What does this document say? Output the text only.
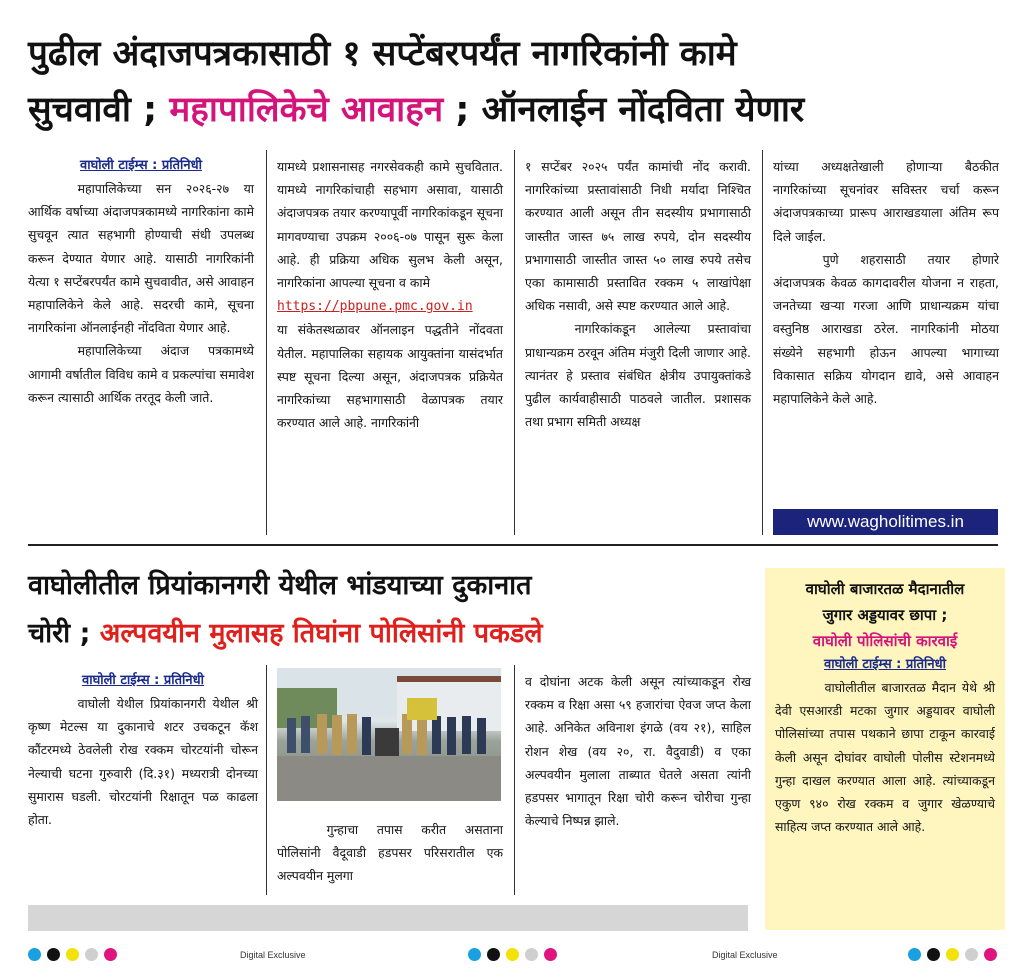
पुढील अंदाजपत्रकासाठी १ सप्टेंबरपर्यंत नागरिकांनी कामे
सुचवावी ; महापालिकेचे आवाहन ; ऑनलाईन नोंदविता येणार
वाघोली टाईम्स : प्रतिनिधी

महापालिकेच्या सन २०२६-२७ या आर्थिक वर्षाच्या अंदाजपत्रकामध्ये नागरिकांना कामे सुचवून त्यात सहभागी होण्याची संधी उपलब्ध करून देण्यात येणार आहे. यासाठी नागरिकांनी येत्या १ सप्टेंबरपर्यंत कामे सुचवावीत, असे आवाहन महापालिकेने केले आहे. सदरची कामे, सूचना नागरिकांना ऑनलाईनही नोंदविता येणार आहे.

महापालिकेच्या अंदाज पत्रकामध्ये आगामी वर्षातील विविध कामे व प्रकल्पांचा समावेश करून त्यासाठी आर्थिक तरतूद केली जाते.

यामध्ये प्रशासनासह नगरसेवकही कामे सुचवितात. यामध्ये नागरिकांचाही सहभाग असावा, यासाठी अंदाजपत्रक तयार करण्यापूर्वी नागरिकांकडून सूचना मागवण्याचा उपक्रम २००६-०७ पासून सुरू केला आहे. ही प्रक्रिया अधिक सुलभ केली असून, नागरिकांना आपल्या सूचना व कामे

https://pbpune.pmc.gov.in

या संकेतस्थळावर ऑनलाइन पद्धतीने नोंदवता येतील. महापालिका सहायक आयुक्तांना यासंदर्भात स्पष्ट सूचना दिल्या असून, अंदाजपत्रक प्रक्रियेत नागरिकांच्या सहभागासाठी वेळापत्रक तयार करण्यात आले आहे. नागरिकांनी

१ सप्टेंबर २०२५ पर्यंत कामांची नोंद करावी. नागरिकांच्या प्रस्तावांसाठी निधी मर्यादा निश्चित करण्यात आली असून तीन सदस्यीय प्रभागासाठी जास्तीत जास्त ७५ लाख रुपये, दोन सदस्यीय प्रभागासाठी जास्तीत जास्त ५० लाख रुपये तसेच एका कामासाठी प्रस्तावित रक्कम ५ लाखांपेक्षा अधिक नसावी, असे स्पष्ट करण्यात आले आहे.

नागरिकांकडून आलेल्या प्रस्तावांचा प्राधान्यक्रम ठरवून अंतिम मंजुरी दिली जाणार आहे. त्यानंतर हे प्रस्ताव संबंधित क्षेत्रीय उपायुक्तांकडे पुढील कार्यवाहीसाठी पाठवले जातील. प्रशासक तथा प्रभाग समिती अध्यक्ष

यांच्या अध्यक्षतेखाली होणाऱ्या बैठकीत नागरिकांच्या सूचनांवर सविस्तर चर्चा करून अंदाजपत्रकाच्या प्रारूप आराखडयाला अंतिम रूप दिले जाईल.

पुणे शहरासाठी तयार होणारे अंदाजपत्रक केवळ कागदावरील योजना न राहता, जनतेच्या खऱ्या गरजा आणि प्राधान्यक्रम यांचा वस्तुनिष्ठ आराखडा ठरेल. नागरिकांनी मोठया संख्येने सहभागी होऊन आपल्या भागाच्या विकासात सक्रिय योगदान द्यावे, असे आवाहन महापालिकेने केले आहे.

www.wagholitimes.in
वाघोलीतील प्रियांकानगरी येथील भांडयाच्या दुकानात
चोरी ; अल्पवयीन मुलासह तिघांना पोलिसांनी पकडले
वाघोली टाईम्स : प्रतिनिधी

वाघोली येथील प्रियांकानगरी येथील श्री कृष्ण मेटल्स या दुकानाचे शटर उचकटून कॅश कौंटरमध्ये ठेवलेली रोख रक्कम चोरटयांनी चोरून नेल्याची घटना गुरुवारी (दि.३१) मध्यरात्री दोनच्या सुमारास घडली. चोरटयांनी रिक्षातून पळ काढला होता.

गुन्हाचा तपास करीत असताना पोलिसांनी वैदूवाडी हडपसर परिसरातील एक अल्पवयीन मुलगा

व दोघांना अटक केली असून त्यांच्याकडून रोख रक्कम व रिक्षा असा ५९ हजारांचा ऐवज जप्त केला आहे. अनिकेत अविनाश इंगळे (वय २१), साहिल रोशन शेख (वय २०, रा. वैदुवाडी) व एका अल्पवयीन मुलाला ताब्यात घेतले असता त्यांनी हडपसर भागातून रिक्षा चोरी करून चोरीचा गुन्हा केल्याचे निष्पन्न झाले.

वाघोली बाजारतळ मैदानातील
जुगार अड्डयावर छापा ;
वाघोली पोलिसांची कारवाई
वाघोली टाईम्स : प्रतिनिधी

वाघोलीतील बाजारतळ मैदान येथे श्री देवी एसआरडी मटका जुगार अड्डयावर वाघोली पोलिसांच्या तपास पथकाने छापा टाकून कारवाई केली असून दोघांवर वाघोली पोलीस स्टेशनमध्ये गुन्हा दाखल करण्यात आला आहे. त्यांच्याकडून एकुण ९४० रोख रक्कम व जुगार खेळण्याचे साहित्य जप्त करण्यात आले आहे.

Digital Exclusive	Digital Exclusive
